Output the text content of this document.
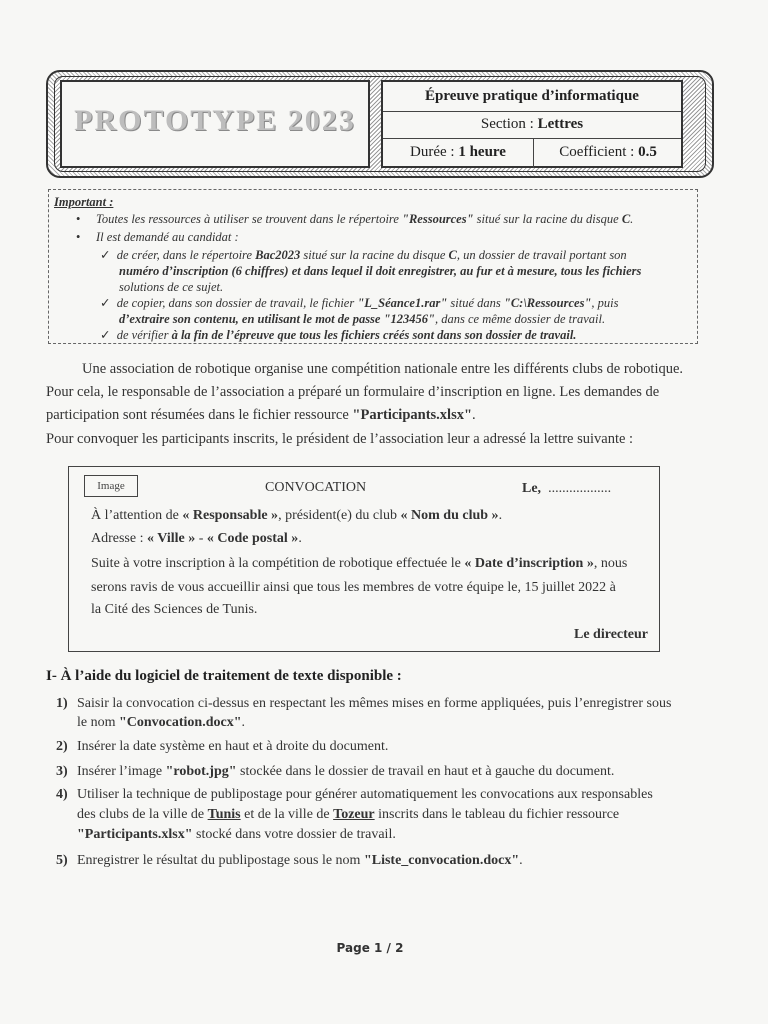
PROTOTYPE 2023
Épreuve pratique d’informatique
Section : Lettres
Durée : 1 heure	Coefficient : 0.5
Important :
• Toutes les ressources à utiliser se trouvent dans le répertoire "Ressources" situé sur la racine du disque C.
• Il est demandé au candidat :
✓ de créer, dans le répertoire Bac2023 situé sur la racine du disque C, un dossier de travail portant son
numéro d’inscription (6 chiffres) et dans lequel il doit enregistrer, au fur et à mesure, tous les fichiers
solutions de ce sujet.
✓ de copier, dans son dossier de travail, le fichier "L_Séance1.rar" situé dans "C:\Ressources", puis
d’extraire son contenu, en utilisant le mot de passe "123456", dans ce même dossier de travail.
✓ de vérifier à la fin de l’épreuve que tous les fichiers créés sont dans son dossier de travail.
Une association de robotique organise une compétition nationale entre les différents clubs de robotique.
Pour cela, le responsable de l’association a préparé un formulaire d’inscription en ligne. Les demandes de
participation sont résumées dans le fichier ressource "Participants.xlsx".
Pour convoquer les participants inscrits, le président de l’association leur a adressé la lettre suivante :
Image	CONVOCATION	Le, ..................
À l’attention de « Responsable », président(e) du club « Nom du club ».
Adresse : « Ville » - « Code postal ».
Suite à votre inscription à la compétition de robotique effectuée le « Date d’inscription », nous
serons ravis de vous accueillir ainsi que tous les membres de votre équipe le, 15 juillet 2022 à
la Cité des Sciences de Tunis.
Le directeur
I- À l’aide du logiciel de traitement de texte disponible :
1) Saisir la convocation ci-dessus en respectant les mêmes mises en forme appliquées, puis l’enregistrer sous
le nom "Convocation.docx".
2) Insérer la date système en haut et à droite du document.
3) Insérer l’image "robot.jpg" stockée dans le dossier de travail en haut et à gauche du document.
4) Utiliser la technique de publipostage pour générer automatiquement les convocations aux responsables
des clubs de la ville de Tunis et de la ville de Tozeur inscrits dans le tableau du fichier ressource
"Participants.xlsx" stocké dans votre dossier de travail.
5) Enregistrer le résultat du publipostage sous le nom "Liste_convocation.docx".
Page 1 / 2
